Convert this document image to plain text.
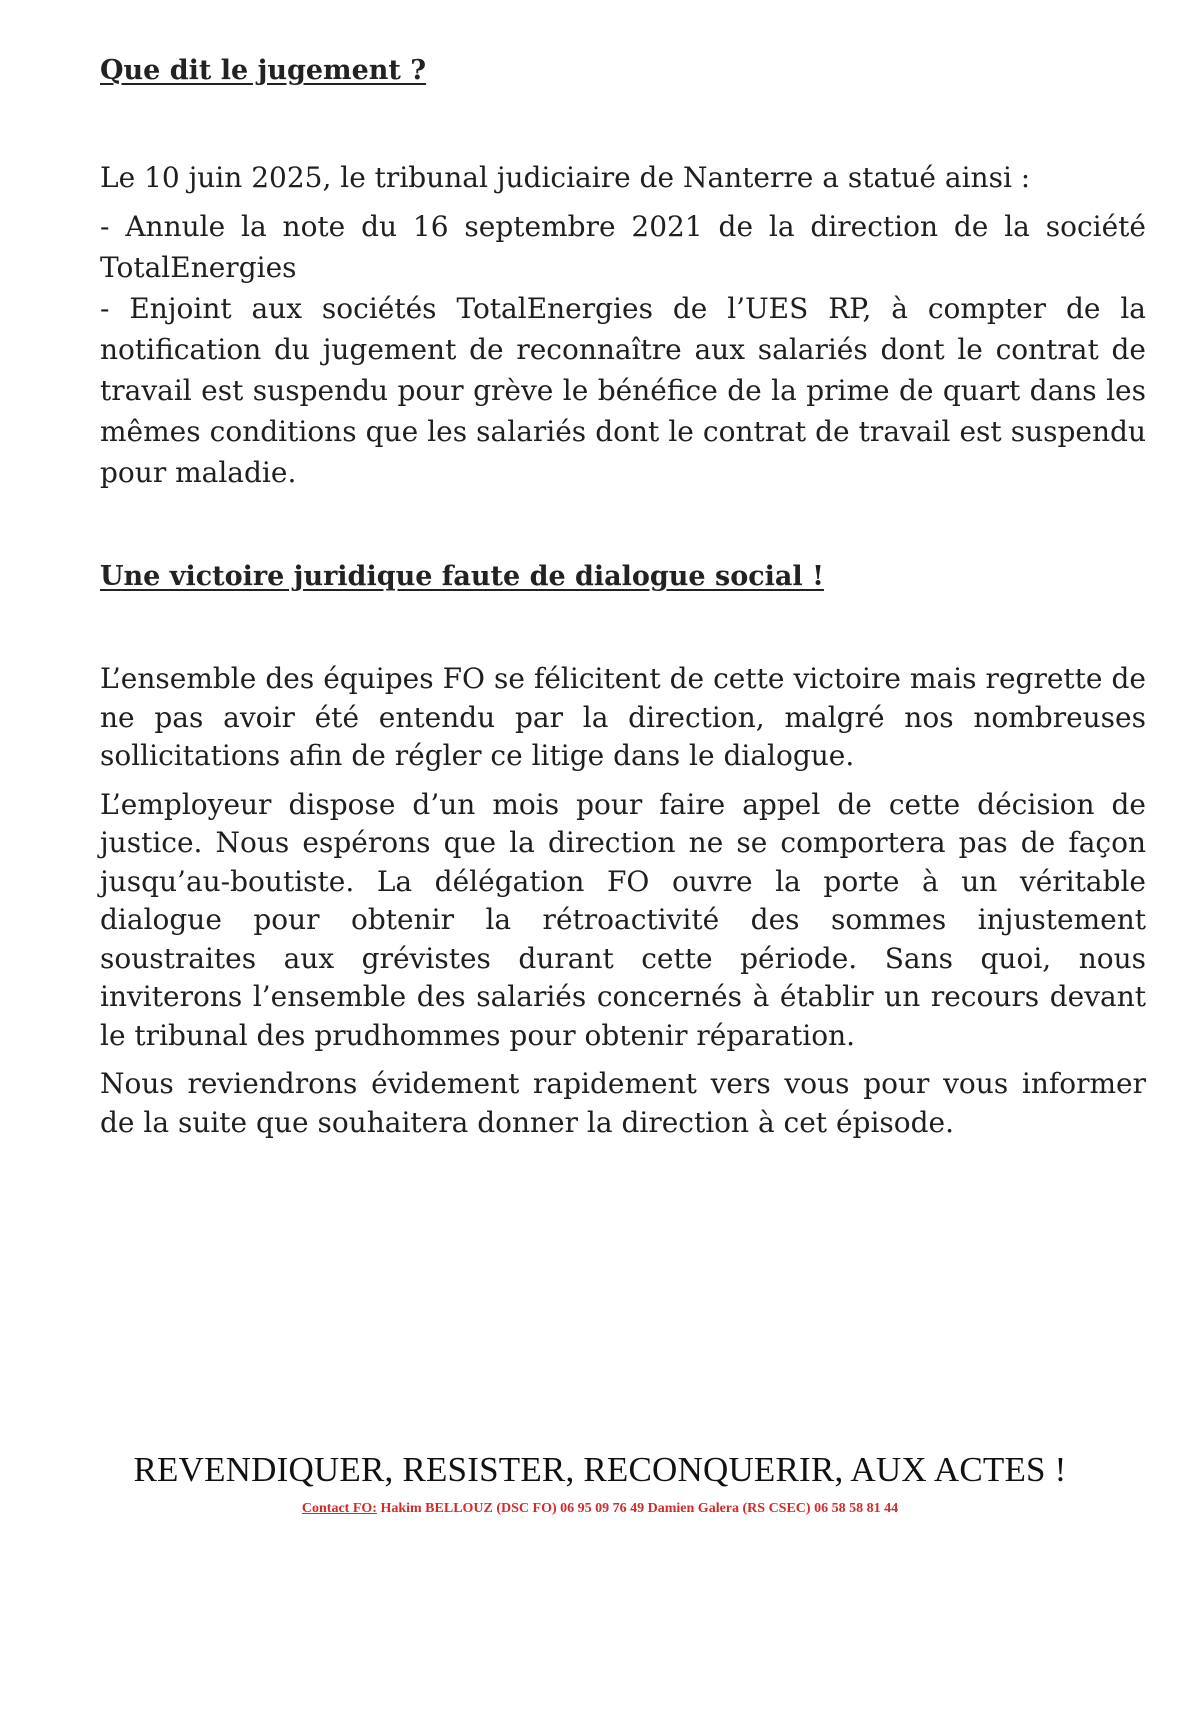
Que dit le jugement ?

Le 10 juin 2025, le tribunal judiciaire de Nanterre a statué ainsi :

- Annule la note du 16 septembre 2021 de la direction de la société TotalEnergies

- Enjoint aux sociétés TotalEnergies de l’UES RP, à compter de la notification du jugement de reconnaître aux salariés dont le contrat de travail est suspendu pour grève le bénéfice de la prime de quart dans les mêmes conditions que les salariés dont le contrat de travail est suspendu pour maladie.

Une victoire juridique faute de dialogue social !

L’ensemble des équipes FO se félicitent de cette victoire mais regrette de ne pas avoir été entendu par la direction, malgré nos nombreuses sollicitations afin de régler ce litige dans le dialogue.

L’employeur dispose d’un mois pour faire appel de cette décision de justice. Nous espérons que la direction ne se comportera pas de façon jusqu’au-boutiste. La délégation FO ouvre la porte à un véritable dialogue pour obtenir la rétroactivité des sommes injustement soustraites aux grévistes durant cette période. Sans quoi, nous inviterons l’ensemble des salariés concernés à établir un recours devant le tribunal des prudhommes pour obtenir réparation.

Nous reviendrons évidement rapidement vers vous pour vous informer de la suite que souhaitera donner la direction à cet épisode.

REVENDIQUER, RESISTER, RECONQUERIR, AUX ACTES !
Contact FO: Hakim BELLOUZ (DSC FO) 06 95 09 76 49 Damien Galera (RS CSEC) 06 58 58 81 44
